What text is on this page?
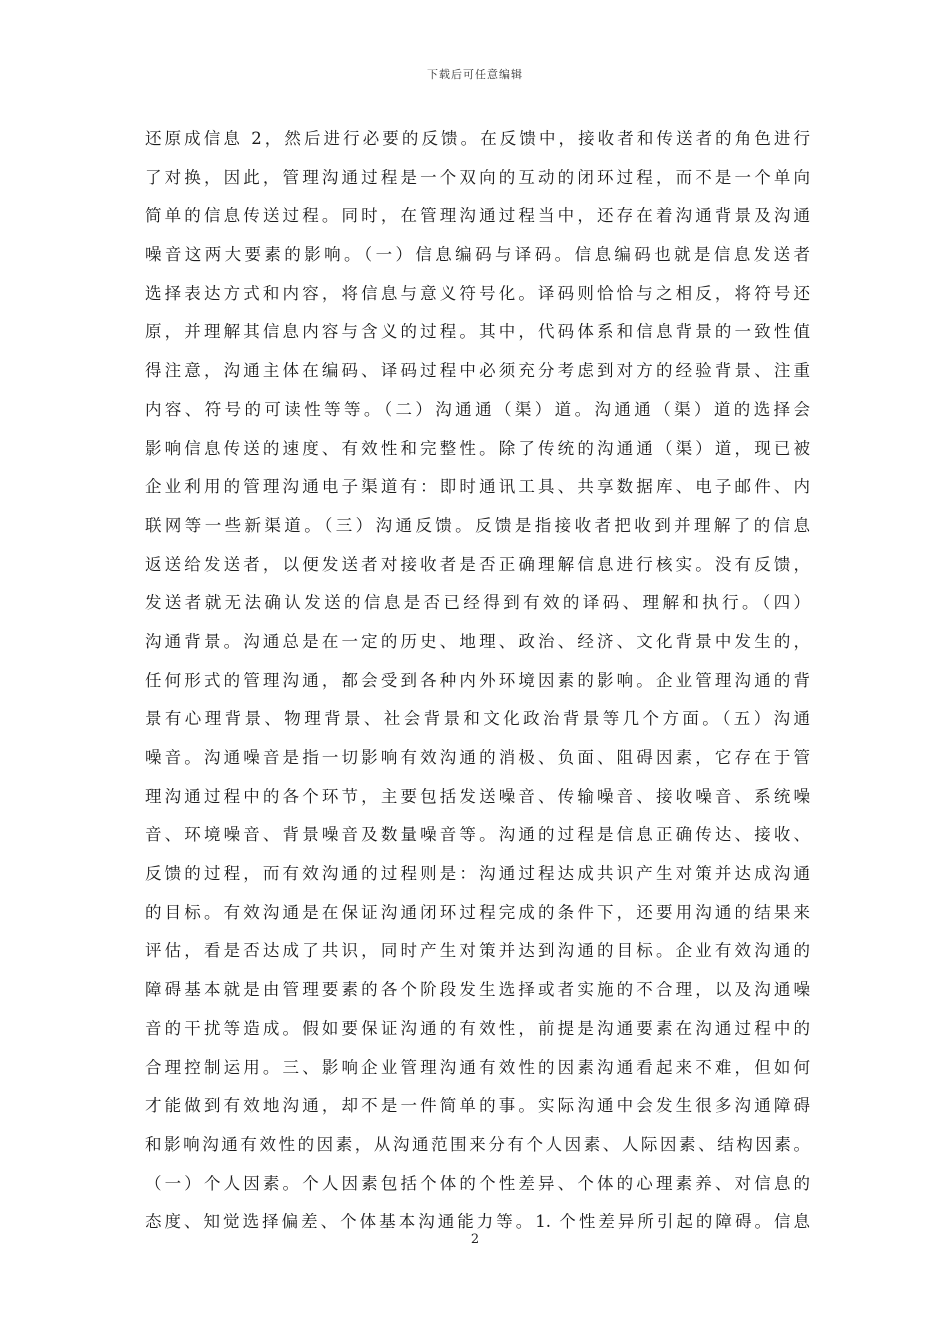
下载后可任意编辑
还原成信息 2，然后进行必要的反馈。在反馈中，接收者和传送者的角色进行
了对换，因此，管理沟通过程是一个双向的互动的闭环过程，而不是一个单向
简单的信息传送过程。同时，在管理沟通过程当中，还存在着沟通背景及沟通
噪音这两大要素的影响。（一）信息编码与译码。信息编码也就是信息发送者
选择表达方式和内容，将信息与意义符号化。译码则恰恰与之相反，将符号还
原，并理解其信息内容与含义的过程。其中，代码体系和信息背景的一致性值
得注意，沟通主体在编码、译码过程中必须充分考虑到对方的经验背景、注重
内容、符号的可读性等等。（二）沟通通（渠）道。沟通通（渠）道的选择会
影响信息传送的速度、有效性和完整性。除了传统的沟通通（渠）道，现已被
企业利用的管理沟通电子渠道有：即时通讯工具、共享数据库、电子邮件、内
联网等一些新渠道。（三）沟通反馈。反馈是指接收者把收到并理解了的信息
返送给发送者，以便发送者对接收者是否正确理解信息进行核实。没有反馈，
发送者就无法确认发送的信息是否已经得到有效的译码、理解和执行。（四）
沟通背景。沟通总是在一定的历史、地理、政治、经济、文化背景中发生的，
任何形式的管理沟通，都会受到各种内外环境因素的影响。企业管理沟通的背
景有心理背景、物理背景、社会背景和文化政治背景等几个方面。（五）沟通
噪音。沟通噪音是指一切影响有效沟通的消极、负面、阻碍因素，它存在于管
理沟通过程中的各个环节，主要包括发送噪音、传输噪音、接收噪音、系统噪
音、环境噪音、背景噪音及数量噪音等。沟通的过程是信息正确传达、接收、
反馈的过程，而有效沟通的过程则是：沟通过程达成共识产生对策并达成沟通
的目标。有效沟通是在保证沟通闭环过程完成的条件下，还要用沟通的结果来
评估，看是否达成了共识，同时产生对策并达到沟通的目标。企业有效沟通的
障碍基本就是由管理要素的各个阶段发生选择或者实施的不合理，以及沟通噪
音的干扰等造成。假如要保证沟通的有效性，前提是沟通要素在沟通过程中的
合理控制运用。三、影响企业管理沟通有效性的因素沟通看起来不难，但如何
才能做到有效地沟通，却不是一件简单的事。实际沟通中会发生很多沟通障碍
和影响沟通有效性的因素，从沟通范围来分有个人因素、人际因素、结构因素。
（一）个人因素。个人因素包括个体的个性差异、个体的心理素养、对信息的
态度、知觉选择偏差、个体基本沟通能力等。1. 个性差异所引起的障碍。信息
2
